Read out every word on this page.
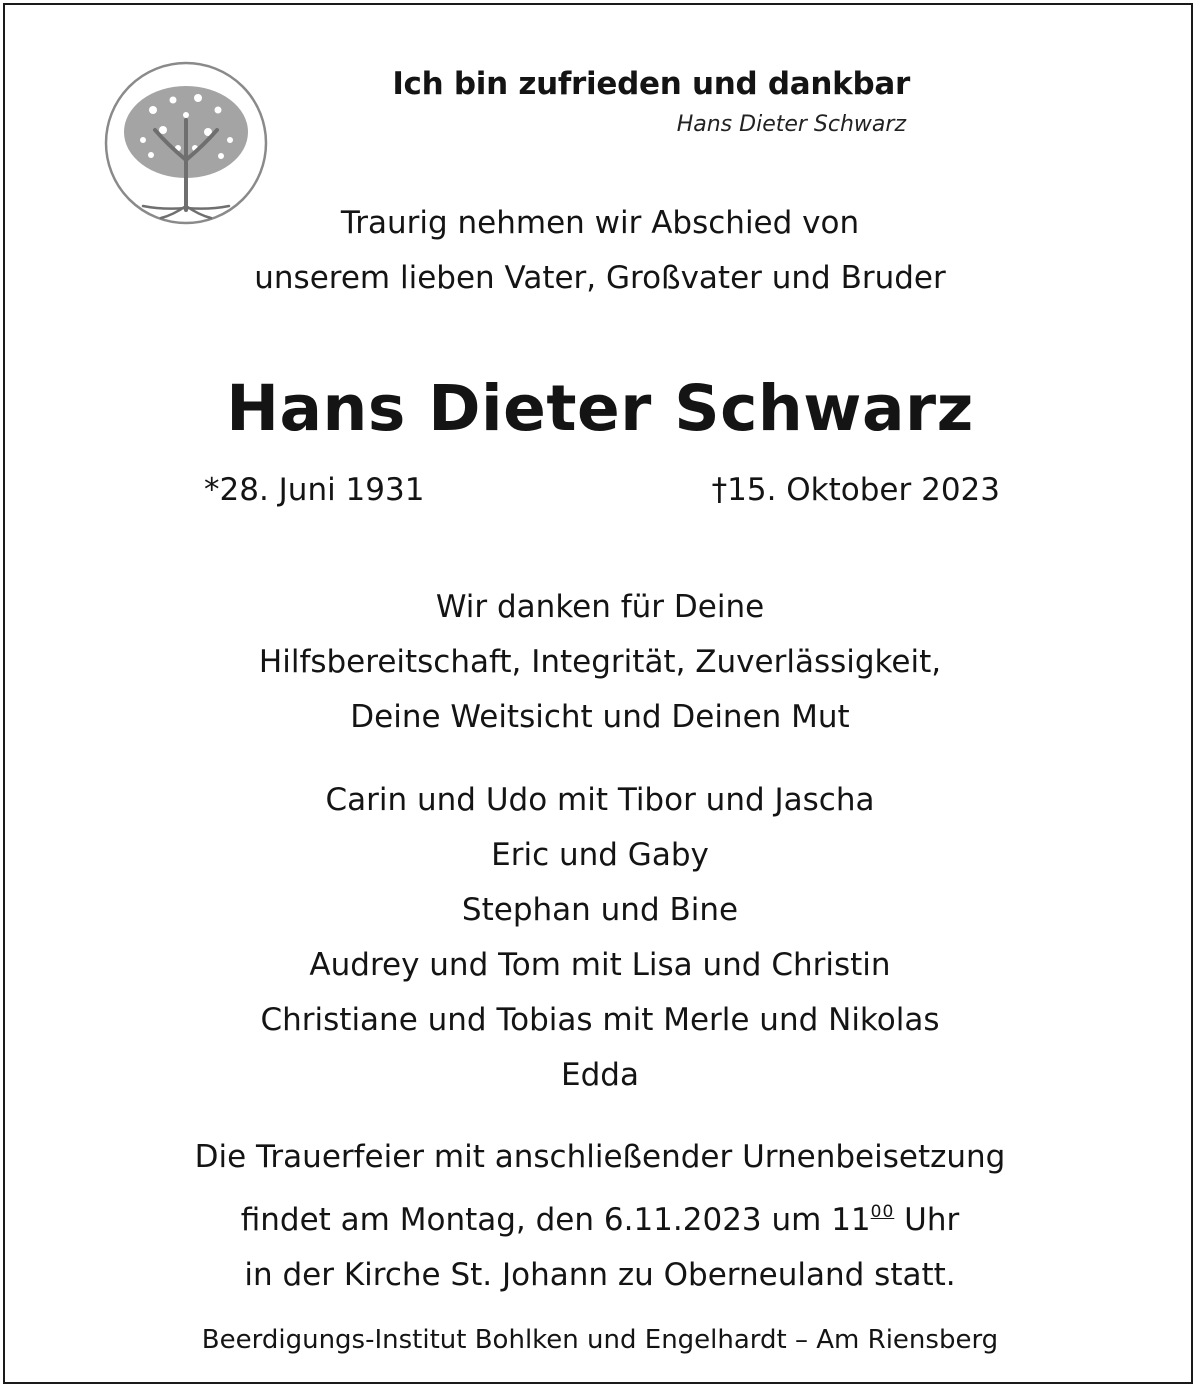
Ich bin zufrieden und dankbar
Hans Dieter Schwarz
Traurig nehmen wir Abschied von
unserem lieben Vater, Großvater und Bruder
Hans Dieter Schwarz
*28. Juni 1931	†15. Oktober 2023
Wir danken für Deine
Hilfsbereitschaft, Integrität, Zuverlässigkeit,
Deine Weitsicht und Deinen Mut
Carin und Udo mit Tibor und Jascha
Eric und Gaby
Stephan und Bine
Audrey und Tom mit Lisa und Christin
Christiane und Tobias mit Merle und Nikolas
Edda
Die Trauerfeier mit anschließender Urnenbeisetzung
findet am Montag, den 6.11.2023 um $11^{00}$ Uhr
in der Kirche St. Johann zu Oberneuland statt.
Beerdigungs-Institut Bohlken und Engelhardt – Am Riensberg
